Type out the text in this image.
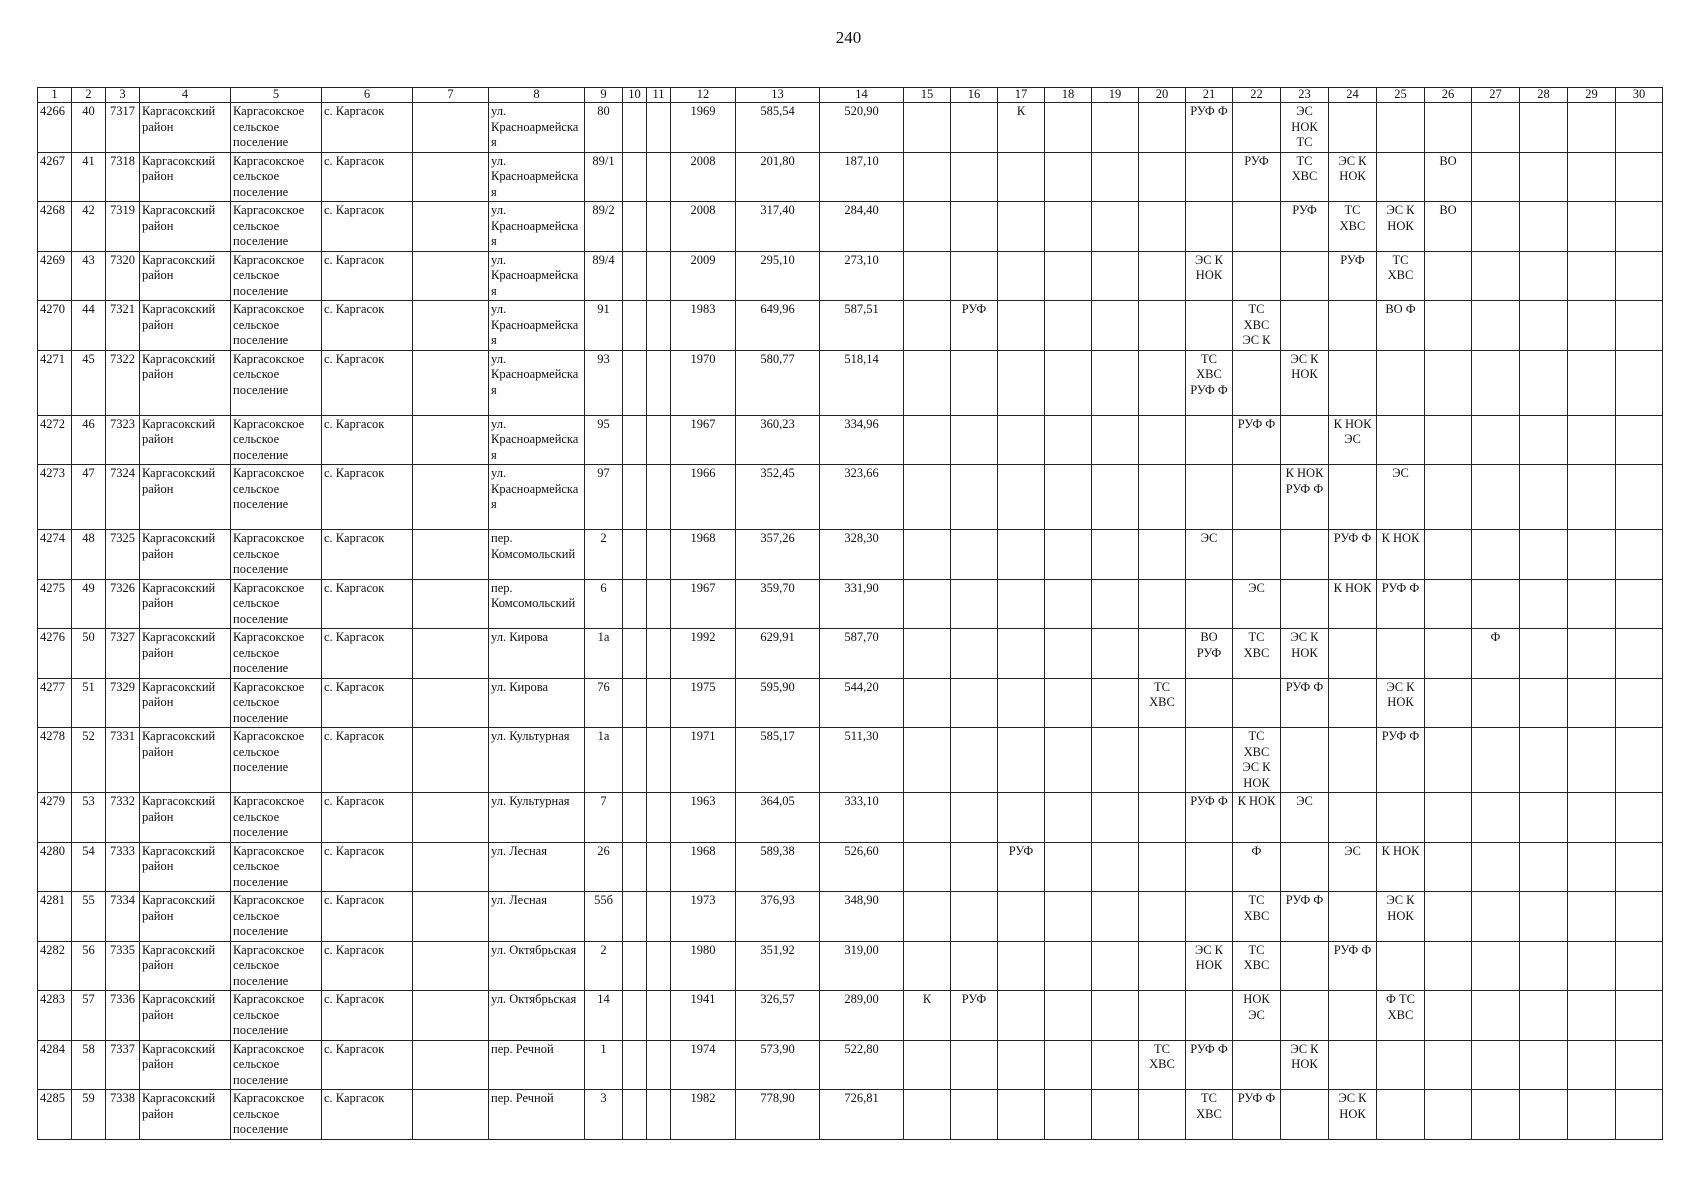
240
1	2	3	4	5	6	7	8	9	10	11	12	13	14	15	16	17	18	19	20	21	22	23	24	25	26	27	28	29	30
4266	40	7317	Каргасокский район	Каргасокское сельское поселение	с. Каргасок		ул. Красноармейска я	80			1969	585,54	520,90			К				РУФ Ф		ЭС НОК ТС							
4267	41	7318	Каргасокский район	Каргасокское сельское поселение	с. Каргасок		ул. Красноармейска я	89/1			2008	201,80	187,10								РУФ	ТС ХВС	ЭС К НОК		ВО				
4268	42	7319	Каргасокский район	Каргасокское сельское поселение	с. Каргасок		ул. Красноармейска я	89/2			2008	317,40	284,40									РУФ	ТС ХВС	ЭС К НОК	ВО				
4269	43	7320	Каргасокский район	Каргасокское сельское поселение	с. Каргасок		ул. Красноармейска я	89/4			2009	295,10	273,10							ЭС К НОК			РУФ	ТС ХВС					
4270	44	7321	Каргасокский район	Каргасокское сельское поселение	с. Каргасок		ул. Красноармейска я	91			1983	649,96	587,51		РУФ						ТС ХВС ЭС К			ВО Ф					
4271	45	7322	Каргасокский район	Каргасокское сельское поселение	с. Каргасок		ул. Красноармейска я	93			1970	580,77	518,14							ТС ХВС РУФ Ф		ЭС К НОК							
4272	46	7323	Каргасокский район	Каргасокское сельское поселение	с. Каргасок		ул. Красноармейска я	95			1967	360,23	334,96								РУФ Ф		К НОК ЭС						
4273	47	7324	Каргасокский район	Каргасокское сельское поселение	с. Каргасок		ул. Красноармейска я	97			1966	352,45	323,66									К НОК РУФ Ф		ЭС					
4274	48	7325	Каргасокский район	Каргасокское сельское поселение	с. Каргасок		пер. Комсомольский	2			1968	357,26	328,30							ЭС			РУФ Ф	К НОК					
4275	49	7326	Каргасокский район	Каргасокское сельское поселение	с. Каргасок		пер. Комсомольский	6			1967	359,70	331,90								ЭС		К НОК	РУФ Ф					
4276	50	7327	Каргасокский район	Каргасокское сельское поселение	с. Каргасок		ул. Кирова	1а			1992	629,91	587,70							ВО РУФ	ТС ХВС	ЭС К НОК				Ф			
4277	51	7329	Каргасокский район	Каргасокское сельское поселение	с. Каргасок		ул. Кирова	76			1975	595,90	544,20						ТС ХВС			РУФ Ф		ЭС К НОК					
4278	52	7331	Каргасокский район	Каргасокское сельское поселение	с. Каргасок		ул. Культурная	1а			1971	585,17	511,30								ТС ХВС ЭС К НОК			РУФ Ф					
4279	53	7332	Каргасокский район	Каргасокское сельское поселение	с. Каргасок		ул. Культурная	7			1963	364,05	333,10							РУФ Ф	К НОК	ЭС							
4280	54	7333	Каргасокский район	Каргасокское сельское поселение	с. Каргасок		ул. Лесная	26			1968	589,38	526,60			РУФ					Ф		ЭС	К НОК					
4281	55	7334	Каргасокский район	Каргасокское сельское поселение	с. Каргасок		ул. Лесная	55б			1973	376,93	348,90								ТС ХВС	РУФ Ф		ЭС К НОК					
4282	56	7335	Каргасокский район	Каргасокское сельское поселение	с. Каргасок		ул. Октябрьская	2			1980	351,92	319,00							ЭС К НОК	ТС ХВС		РУФ Ф						
4283	57	7336	Каргасокский район	Каргасокское сельское поселение	с. Каргасок		ул. Октябрьская	14			1941	326,57	289,00	К	РУФ						НОК ЭС			Ф ТС ХВС					
4284	58	7337	Каргасокский район	Каргасокское сельское поселение	с. Каргасок		пер. Речной	1			1974	573,90	522,80						ТС ХВС	РУФ Ф		ЭС К НОК							
4285	59	7338	Каргасокский район	Каргасокское сельское поселение	с. Каргасок		пер. Речной	3			1982	778,90	726,81							ТС ХВС	РУФ Ф		ЭС К НОК						
